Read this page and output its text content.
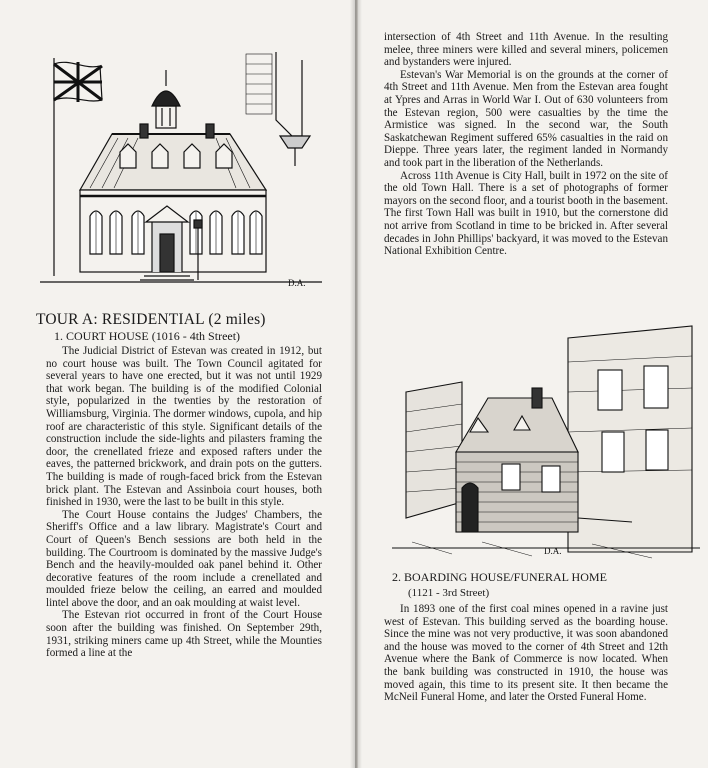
D.A.
D.A.
TOUR A: RESIDENTIAL (2 miles)
1. COURT HOUSE (1016 - 4th Street)

The Judicial District of Estevan was created in 1912, but no court house was built. The Town Council agitated for several years to have one erected, but it was not until 1929 that work began. The building is of the modified Colonial style, popularized in the twenties by the restoration of Williamsburg, Virginia. The dormer windows, cupola, and hip roof are characteristic of this style. Significant details of the construction include the side-lights and pilasters framing the door, the crenellated frieze and exposed rafters under the eaves, the patterned brickwork, and drain pots on the gutters. The building is made of rough-faced brick from the Estevan brick plant. The Estevan and Assinboia court houses, both finished in 1930, were the last to be built in this style.

The Court House contains the Judges' Chambers, the Sheriff's Office and a law library. Magistrate's Court and Court of Queen's Bench sessions are both held in the building. The Courtroom is dominated by the massive Judge's Bench and the heavily-moulded oak panel behind it. Other decorative features of the room include a crenellated and moulded frieze below the ceiling, an earred and moulded lintel above the door, and an oak moulding at waist level.

The Estevan riot occurred in front of the Court House soon after the building was finished. On September 29th, 1931, striking miners came up 4th Street, while the Mounties formed a line at the

intersection of 4th Street and 11th Avenue. In the resulting melee, three miners were killed and several miners, policemen and bystanders were injured.

Estevan's War Memorial is on the grounds at the corner of 4th Street and 11th Avenue. Men from the Estevan area fought at Ypres and Arras in World War I. Out of 630 volunteers from the Estevan region, 500 were casualties by the time the Armistice was signed. In the second war, the South Saskatchewan Regiment suffered 65% casualties in the raid on Dieppe. Three years later, the regiment landed in Normandy and took part in the liberation of the Netherlands.

Across 11th Avenue is City Hall, built in 1972 on the site of the old Town Hall. There is a set of photographs of former mayors on the second floor, and a tourist booth in the basement. The first Town Hall was built in 1910, but the cornerstone did not arrive from Scotland in time to be bricked in. After several decades in John Phillips' backyard, it was moved to the Estevan National Exhibition Centre.

2. BOARDING HOUSE/FUNERAL HOME
(1121 - 3rd Street)

In 1893 one of the first coal mines opened in a ravine just west of Estevan. This building served as the boarding house. Since the mine was not very productive, it was soon abandoned and the house was moved to the corner of 4th Street and 12th Avenue where the Bank of Commerce is now located. When the bank building was constructed in 1910, the house was moved again, this time to its present site. It then became the McNeil Funeral Home, and later the Orsted Funeral Home.
